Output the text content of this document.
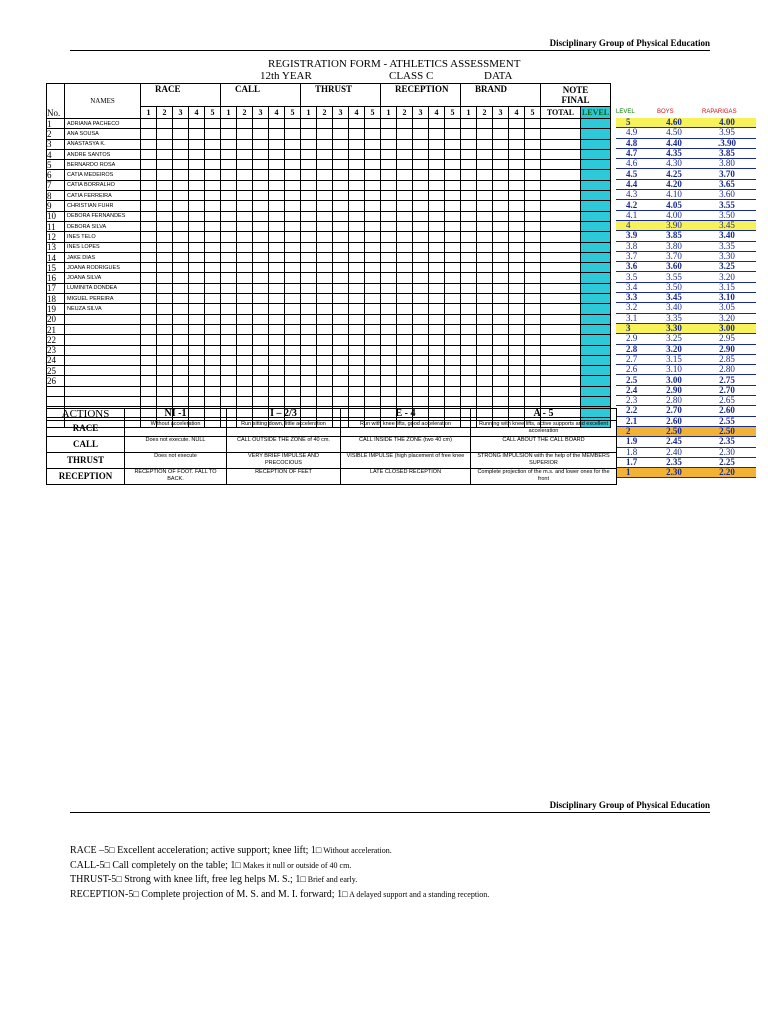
Disciplinary Group of Physical Education
REGISTRATION FORM - ATHLETICS ASSESSMENT
12th YEAR	CLASS C	DATA
No.	NAMES	RACE					CALL					THRUST					RECEPTION					BRAND					NOTE
FINAL	

		1	2	3	4	5	1	2	3	4	5	1	2	3	4	5	1	2	3	4	5	1	2	3	4	5	TOTAL	LEVEL
1	ADRIANA PACHECO																											
2	ANA SOUSA																											
3	ANASTASYA K.																											
4	ANDRE SANTOS																											
5	BERNARDO ROSA																											
6	CATIA MEDEIROS																											
7	CATIA BORRALHO																											
8	CATIA FERREIRA																											
9	CHRISTIAN FUHR																											
10	DEBORA FERNANDES																											
11	DEBORA SILVA																											
12	INES TELO																											
13	INES LOPES																											
14	JAKE DIAS																											
15	JOANA RODRIGUES																											
16	JOANA SILVA																											
17	LUMINITA DONDEA																											
18	MIGUEL PEREIRA																											
19	NEUZA SILVA																											
20																												
21																												
22																												
23																												
24																												
25																												
26																												

LEVEL	BOYS	RAPARIGAS
5	4.60	4.00
4.9	4.50	3.95
4.8	4.40	.3.90
4.7	4.35	3.85
4.6	4.30	3.80
4.5	4.25	3.70
4.4	4.20	3.65
4.3	4.10	3.60
4.2	4.05	3.55
4.1	4.00	3.50
4	3.90	3.45
3.9	3.85	3.40
3.8	3.80	3.35
3.7	3.70	3.30
3.6	3.60	3.25
3.5	3.55	3.20
3.4	3.50	3.15
3.3	3.45	3.10
3.2	3.40	3.05
3.1	3.35	3.20
3	3.30	3.00
2.9	3.25	2.95
2.8	3.20	2.90
2.7	3.15	2.85
2.6	3.10	2.80
2.5	3.00	2.75
2.4	2.90	2.70
2.3	2.80	2.65
2.2	2.70	2.60
2.1	2.60	2.55
2	2.50	2.50
1.9	2.45	2.35
1.8	2.40	2.30
1.7	2.35	2.25
1	2.30	2.20
ACTIONS	NI -1	I – 2/3	E - 4	A - 5
RACE	Without acceleration	Run sitting down, little acceleration	Run with knee lifts, good acceleration	Running with knee lifts, active supports and excellent acceleration
CALL	Does not execute. NULL	CALL OUTSIDE THE ZONE of 40 cm.	CALL INSIDE THE ZONE (two 40 cm)	CALL ABOUT THE CALL BOARD
THRUST	Does not execute	VERY BRIEF IMPULSE AND PRECOCIOUS	VISIBLE IMPULSE (high placement of free knee	STRONG IMPULSION with the help of the MEMBERS SUPERIOR
RECEPTION	RECEPTION OF FOOT. FALL TO BACK.	RECEPTION OF FEET	LATE CLOSED RECEPTION	Complete projection of the m.s. and lower ones for the front
Disciplinary Group of Physical Education
RACE –5□ Excellent acceleration; active support; knee lift; 1□ Without acceleration.
CALL-5□ Call completely on the table; 1□ Makes it null or outside of 40 cm.
THRUST-5□ Strong with knee lift, free leg helps M. S.; 1□ Brief and early.
RECEPTION-5□ Complete projection of M. S. and M. I. forward; 1□ A delayed support and a standing reception.
